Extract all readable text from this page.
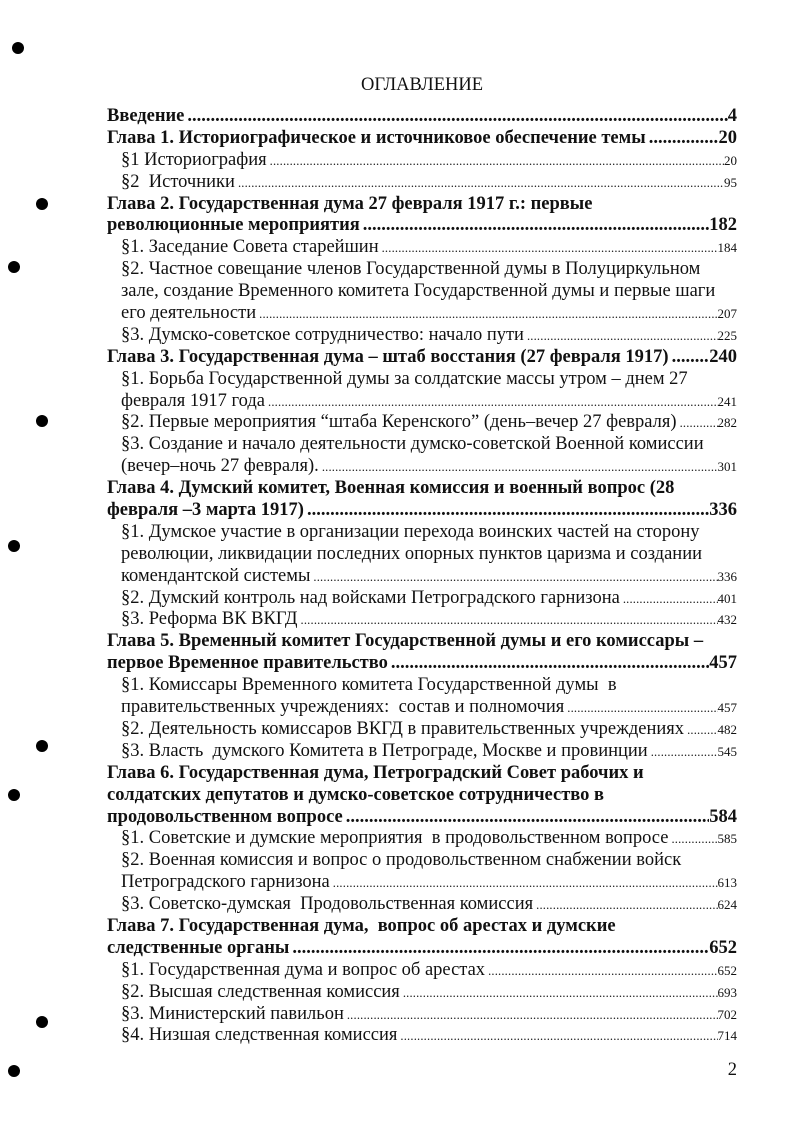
ОГЛАВЛЕНИЕ
Введение .....	4
Глава 1. Историографическое и источниковое обеспечение темы .....	20
§1 Историография .....	20
§2  Источники .....	95
Глава 2. Государственная дума 27 февраля 1917 г.: первые
революционные мероприятия .....	182
§1. Заседание Совета старейшин .....	184
§2. Частное совещание членов Государственной думы в Полуциркульном
зале, создание Временного комитета Государственной думы и первые шаги
его деятельности .....	207
§3. Думско-советское сотрудничество: начало пути .....	225
Глава 3. Государственная дума – штаб восстания (27 февраля 1917) ..... 240
§1. Борьба Государственной думы за солдатские массы утром – днем 27
февраля 1917 года .....	241
§2. Первые мероприятия “штаба Керенского” (день–вечер 27 февраля) .....	282
§3. Создание и начало деятельности думско-советской Военной комиссии
(вечер–ночь 27 февраля). .....	301
Глава 4. Думский комитет, Военная комиссия и военный вопрос (28
февраля –3 марта 1917) .....	336
§1. Думское участие в организации перехода воинских частей на сторону
революции, ликвидации последних опорных пунктов царизма и создании
комендантской системы .....	336
§2. Думский контроль над войсками Петроградского гарнизона .....	401
§3. Реформа ВК ВКГД .....	432
Глава 5. Временный комитет Государственной думы и его комиссары –
первое Временное правительство .....	457
§1. Комиссары Временного комитета Государственной думы  в
правительственных учреждениях:  состав и полномочия .....	457
§2. Деятельность комиссаров ВКГД в правительственных учреждениях .....	482
§3. Власть  думского Комитета в Петрограде, Москве и провинции .....	545
Глава 6. Государственная дума, Петроградский Совет рабочих и
солдатских депутатов и думско-советское сотрудничество в
продовольственном вопросе .....	584
§1. Советские и думские мероприятия  в продовольственном вопросе .....	585
§2. Военная комиссия и вопрос о продовольственном снабжении войск
Петроградского гарнизона .....	613
§3. Советско-думская  Продовольственная комиссия .....	624
Глава 7. Государственная дума,  вопрос об арестах и думские
следственные органы .....	652
§1. Государственная дума и вопрос об арестах .....	652
§2. Высшая следственная комиссия .....	693
§3. Министерский павильон .....	702
§4. Низшая следственная комиссия .....	714
2
